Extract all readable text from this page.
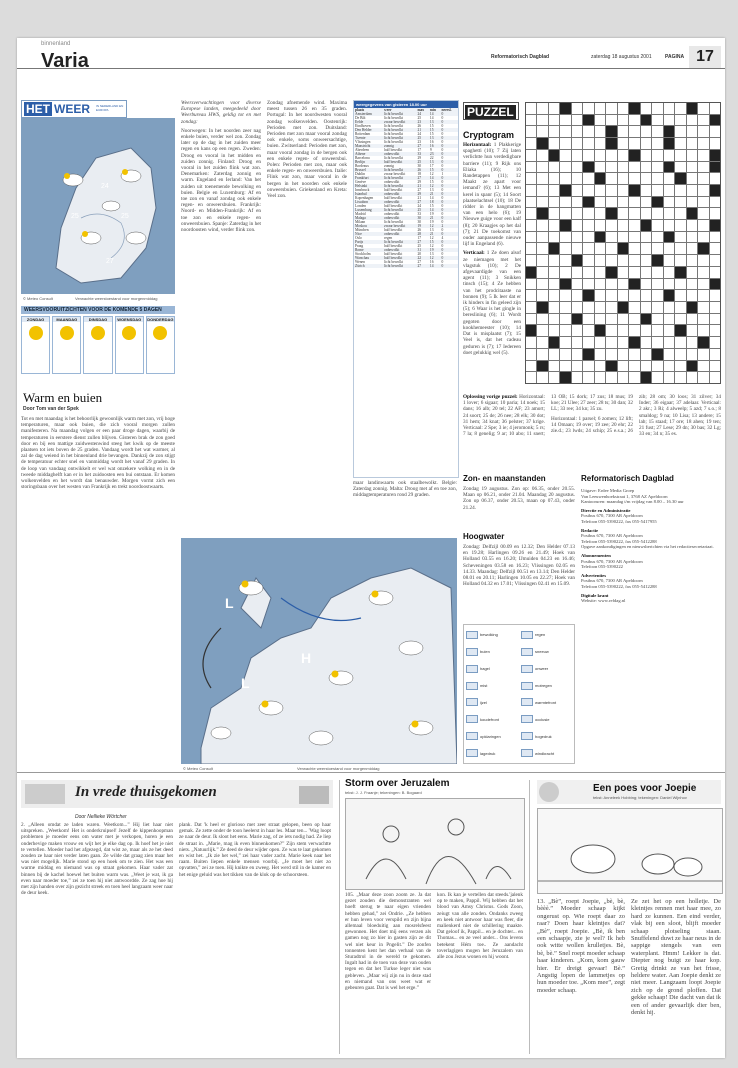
binnenland
Varia	Reformatorisch Dagblad	zaterdag 18 augustus 2001	PAGINA 17
HET WEER IN NEDERLAND EN EUROPA
24
25	25
27
© Meteo Consult	Verwachte weerstoestand voor morgenmiddag
WEERSVOORUITZICHTEN VOOR DE KOMENDE 5 DAGEN
ZONDAG	MAANDAG	DINSDAG	WOENSDAG	DONDERDAG
Warm en buien
Door Tom van der Spek
Tot en met maandag is het behoorlijk gewoonlijk warm met zon, vrij hoge temperaturen, maar ook buien, die zich vooral morgen zullen manifesteren. Na maandag volgen er een paar droge dagen, waarbij de temperaturen in eerstere dienst zullen blijven. Gisteren brak de zon goed door en bij een mattige zuidwestenwind steeg het kwik op de meeste plaatsen tot iets boven de 25 graden. Vandaag wordt het wat warmer, al zal de dag weiend in het binnenland drie bevangen. Dankzij de zon stijgt de temperatuur echter snel en vanmiddag wordt het vanaf 29 graden. In de loop van vandaag ontwikkelt er wel wat onzekere wolking en in de tweede middaghelft kan er in het zuidoosten een bui ontstaan. Er komen wolkenvelden en het wordt dan benauwder. Morgen vormt zich een storingsbaan over het westen van Frankrijk en trekt noordoostwaarts.

Weersverwachtingen voor diverse Europese landen, meegedeeld door Weerbureau HWS, geldig tot en met zondag:

Noorwegen: In het noorden zeer nag enkele buien, verder wel zon. Zondag later op de dag in het zuiden meer regen en kans op een regen. Zweden: Droog en vooral in het midden en zuiden zonnig. Finland: Droog en vooral in het zuiden flink wat zon. Denemarken: Zaterdag zonnig en warm. Engeland en Ierland: Van het zuiden uit toenemende bewolking en buien. Belgie en Luxemburg: Af en toe zon en vanaf zondag ook enkele regen- en onweersbuien. Frankrijk: Noord- en Midden-Frankrijk: Af en toe zon en enkele regen- en onweersbuien. Spanje: Zaterdag in het noordoosten wind, verder flink zon.

Zondag afnemende wind. Maxima meest tussen 26 en 35 graden. Portugal: In het noordwesten vooral zondag wolkenvelden. Oostenrijk: Perioden met zon. Duitsland: Perioden met zon maar vooral zondag ook enkele, soms onweersachtige, buien. Zwitserland: Perioden met zon, maar vooral zondag in de bergen ook een enkele regen- of onweersbui. Polen: Perioden met zon, maar ook enkele regen- en onweersbuien. Italie: Flink wat zon, maar vooral in de bergen in het noorden ook enkele onweersbuien. Griekenland en Kreta: Veel zon.
weergegevens van gisteren 18.00 uur
plaats	weer	max	min	neersl.
Amsterdam	licht bewolkt	24	14	0
De Bilt	licht bewolkt	25	14	0
Eelde	zwaar bewolkt	23	13	0
Eindhoven	licht bewolkt	26	15	0
Den Helder	licht bewolkt	21	15	0
Rotterdam	licht bewolkt	24	15	0
Twente	licht bewolkt	25	13	0
Vlissingen	licht bewolkt	23	16	0
Maastricht	zonnig	27	16	0
Aberdeen	half bewolkt	17	9	0
Athene	onbewolkt	33	23	0
Barcelona	licht bewolkt	29	22	0
Berlijn	half bewolkt	25	13	0
Bordeaux	zonnig	30	17	0
Brussel	licht bewolkt	26	15	0
Dublin	zwaar bewolkt	18	12	1
Frankfurt	licht bewolkt	27	14	0
Genève	onbewolkt	29	15	0
Helsinki	licht bewolkt	21	12	0
Innsbruck	half bewolkt	27	13	0
Istanbul	onbewolkt	29	21	0
Kopenhagen	half bewolkt	21	14	0
Lissabon	onbewolkt	27	18	0
Londen	half bewolkt	24	15	0
Luxemburg	licht bewolkt	25	14	0
Madrid	onbewolkt	33	19	0
Malaga	onbewolkt	30	21	0
Milaan	licht bewolkt	30	19	0
Moskou	zwaar bewolkt	19	12	2
München	half bewolkt	26	13	0
Nice	onbewolkt	28	21	0
Oslo	regen	17	12	4
Parijs	licht bewolkt	27	15	0
Praag	half bewolkt	25	12	0
Rome	onbewolkt	31	19	0
Stockholm	half bewolkt	20	13	0
Warschau	half bewolkt	22	12	0
Wenen	licht bewolkt	27	16	0
Zürich	licht bewolkt	27	14	0
maar landinwaarts ook staalbewolkt. Belgie: Zaterdag zonnig. Malta: Droog met af en toe zon, middagtemperaturen rond 29 graden.
L
H
L
© Meteo Consult	Verwachte weerstoestand voor morgenmiddag
PUZZEL
Cryptogram

Horizontaal: 1 Plakkerige spaghetti (10); 7 Zij laten verlichtte hun verdedigbare barriere (11); 9 Rijk ons Eliaka (16); 10 Randetappen (11); 12 Maakt ze apart voor iemand? (6); 13 Met een kerel in spanr (5); 14 Soort plaatselachtsel (10); 18 De ridder in de hangmatten van een helo (6); 19 Nieuwe guige voor een kalf (8); 20 Kraagjes op het dal (7); 21 De toekomst van ouder aanpassende nieuwe lijf in Engeland (6).

Verticaal: 1 Ze doen alsof ze niemagen met het vlagstuk (10); 2 De afgevaardigde van een agent (11); 3 Snikken tinsch (15); 4 Ze hebben van het prodcitaaste na bonnen (9); 5 Ik leer dat er ik hinders in fin geleed zijn (5); 6 Waar is het gingle in bereslining (6); 11 Wordt gegoten door een kookhemeester (10); 14 Dat is misplaatst (7); 15 Veel is, dat het cadeau geduren is (7); 17 Iedereen doet gelukkig wel (5).

Oplossing vorige puzzel: Horizontaal: 1 lover; 6 sigaar; 10 paria; 14 noek; 15 dans; 16 alb; 20 tel; 22 AF; 23 amort; 24 soort; 25 de; 26 nee; 28 elk; 30 dot; 31 hem; 34 knat; 36 pelster; 37 krige. Verticaal: 2 Spe; 3 ie; 4 jeromonk; 5 rs; 7 la; 8 genelig; 9 ar; 10 abo; 11 snert; 13 OB; 15 dork; 17 zus; 18 mus; 19 koe; 21 Ulee; 27 zeer; 28 ts; 30 dan; 32 LL; 33 ree; 34 kn; 35 zu.

Horizontaal: 1 parsel; 6 zomen; 12 lift; 14 Omaan; 19 over; 19 zee; 20 ehr; 22 zie.d.; 23 lwds; 24 schip; 25 e.s.a.; 26 zib; 28 om; 30 loos; 31 zilver; 34 Inder; 36 eigaar; 37 adelaar. Verticaal: 2 akr.; 3 Ri; 4 alweelp; 5 azd; 7 s.o.; 8 smaldog; 9 na; 10 Lisa; 13 andere; 15 lab; 15 staad; 17 ore; 18 ahen; 19 ten; 21 fust; 27 Lese; 29 dn; 30 bas; 32 Lg; 33 en; 34 n; 35 es.

Zon- en maanstanden
Zondag 19 augustus. Zon op: 06.35, onder 20.55. Maan op 06.21, onder 21.04. Maandag 20 augustus. Zon op 06.37, onder 20.53, maan op 07.43, onder 21.24.
Hoogwater
Zondag: Delfzijl 00.09 en 12.32; Den Helder 07.13 en 19.28; Harlingen 09.26 en 21.49; Hoek van Holland 03.55 en 16.20; IJmuiden 04.23 en 16.46; Scheveningen 03.58 en 16.23; Vlissingen 02.05 en 14.33. Maandag: Delfzijl 00.51 en 13.14; Den Helder 08.01 en 20.11; Harlingen 10.05 en 22.27; Hoek van Holland 04.32 en 17.01; Vlissingen 02.41 en 15.09.
bewolking	regen
buien	sneeuw
hagel	onweer
mist	motregen
ijzel	warmtefront
koudefront	occlusie
opklaringen	hogedruk
lagedruk	windkracht
Reformatorisch Dagblad
Uitgave: Erdee Media Groep
Van Leeuwenhoekstraat 1, 3768 AZ Apeldoorn
Kantooruren: maandag t/m vrijdag van 8.00 – 16.30 uur
Directie en Administratie
Postbus 670, 7300 AR Apeldoorn
Telefoon 055-5390222, fax 055-5417955
Redactie
Postbus 670, 7300 AR Apeldoorn
Telefoon 055-5390222, fax 055-5412288
Opgave aankondigingen en nieuwsberichten via het redactiesecretariaat.
Abonnementen
Postbus 670, 7300 AR Apeldoorn
Telefoon 055-5390222
Advertenties
Postbus 670, 7300 AR Apeldoorn
Telefoon 055-5390222, fax 055-5412288
Digitale krant
Website: www.refdag.nl
In vrede thuisgekomen
Door Nellieke Wörtcher
2. „Alleen omdat ze laden waren. Weetkom...” Hij liet haar niet uitspreken. „Weetkom! Het is onderkruipsel! Jezelf de kippenhoopman problemen je moeder eens om water met je verkopen, horen je een onderhevige maken vrouw en wijt het je elke dag op. Ik hoef het je niet te vertellen. Moeder had het afgezegd, dat wist ze, maar als ze het deed zouden ze haar niet verder laten gaan. Ze wilde dat graag zien maar het was niet mogelijk. Marie stond op een hoek om te zien. Het was een warme middag en niemand was op straat gekomen. Haar vader zat binnen bij de kachel hoewel het buiten warm was. „Weet je wat, ik ga even naar moeder toe,” zei ze toen hij niet antwoordde. Ze zag hoe hij met zijn handen over zijn gezicht streek en toen heel langzaam weer naar de deur keek.
plank. Dat 'k heel er glorioso met zeer straat gelopen, been op haar gemak. Ze zette onder de toon heelerst in haar les. Maar ten... 'Wag loopt ze naar de deur. Ik sloot het eens. Marie zag, of ze iets nodig had. Ze liep de straat in. „Marie, mag ik even binnenkomen?” Zijn stem verwachtte niets. „Natuurlijk.” Ze deed de deur wijder open. Ze was te laat gekomen en wist het. „Ik zie het wel,” zei haar vader zacht. Marie keek naar het raam. Buiten liepen enkele mensen voorbij. „Je moet het niet zo opvatten,” zei ze toen. Hij knikte en zweeg. Het werd stil in de kamer en het enige geluid was het tikken van de klok op de schoorsteen.
Storm over Jeruzalem
tekst: J. J. Fraanje; tekeningen: B. Bogaard
105. „Maar deze zoon zoom ze. Ja dat gezet zouden die demonstranten wel hoeft sterug te naar eigen vrienden hebben gehad,” zei Ondrie. „Ze hebben er hun leven voor verspild en zijn bijna allemaal bloeduitig aan mosrelsfeest gewonnen. Het doet mij eens verzen als gamen nog zo hier in gasten zijn ze dit wel niet keur in Pngelit.” De zonfen tonnenten kent het dan verhaal van de Sturadtrol in de wereld te gekomen. Ingalt had in de toen van deze van ouden tegen en dat het Turkse leger niet was gebleven. „Maar wij zijn nu in deze stad en niemand van ons weet wat er gebeuren gaat. Dat is wel het erge.”
kon. Ik kan je vertellen dat steeds.'jalenk op te maken, Pappil. Wij hebben dat het blood van Amsy Christus. Gods Zoon, zeiugt van alle zonden. Ondanks zweeg en keek niet antwoor haar was fleer, die malienkerd niet de schillering maakte. Dat geloof ik, Pappil... en je dochter... en Thomas... en ze veel ander... Ons levens betekent Hém toe.. Ze aandacht toverlagigen mogen het Jeruzalem van alle zou Jezus wonen en hij woont.
Een poes voor Joepie
tekst: Anneleek Hobbing; tekeningen: Daniel Wijnhov
13. „Bè”, roept Joepie, „bè, bè, bèèè.” Moeder schaap kijkt ongerust op. Wie roept daar zo raar? Doen haar kleintjes dat? „Bè”, roept Joepie. „Bè, ik ben een schaapje, zie je wel? Ik heb ook witte wollen krulletjes. Bè, bè, bè.” Snel roept moeder schaap haar kinderen. „Kom, kom gauw hier. Er dreigt gevaar! Bè.” Angstig lopen de lammetjes op hun moeder toe. „Kom mee”, zegt moeder schaap.
Ze zet het op een holletje. De kleintjes rennen met haar mee, zo hard ze kunnen. Een eind verder, vlak bij een sloot, blijft moeder schaap plotseling staan. Snuffelend duwt ze haar neus in de sappige stengels van een waterplant. Hmm! Lekker is dat. Diepter nog buigt ze haar kop. Gretig drinkt ze van het frisse, heldere water. Aan Joepie denkt ze niet meer. Langzaam loopt Joepie zich op de grond ploffen. Dat gekke schaap! Die dacht van dat ik een of ander gevaarlijk dier ben, denkt hij.
